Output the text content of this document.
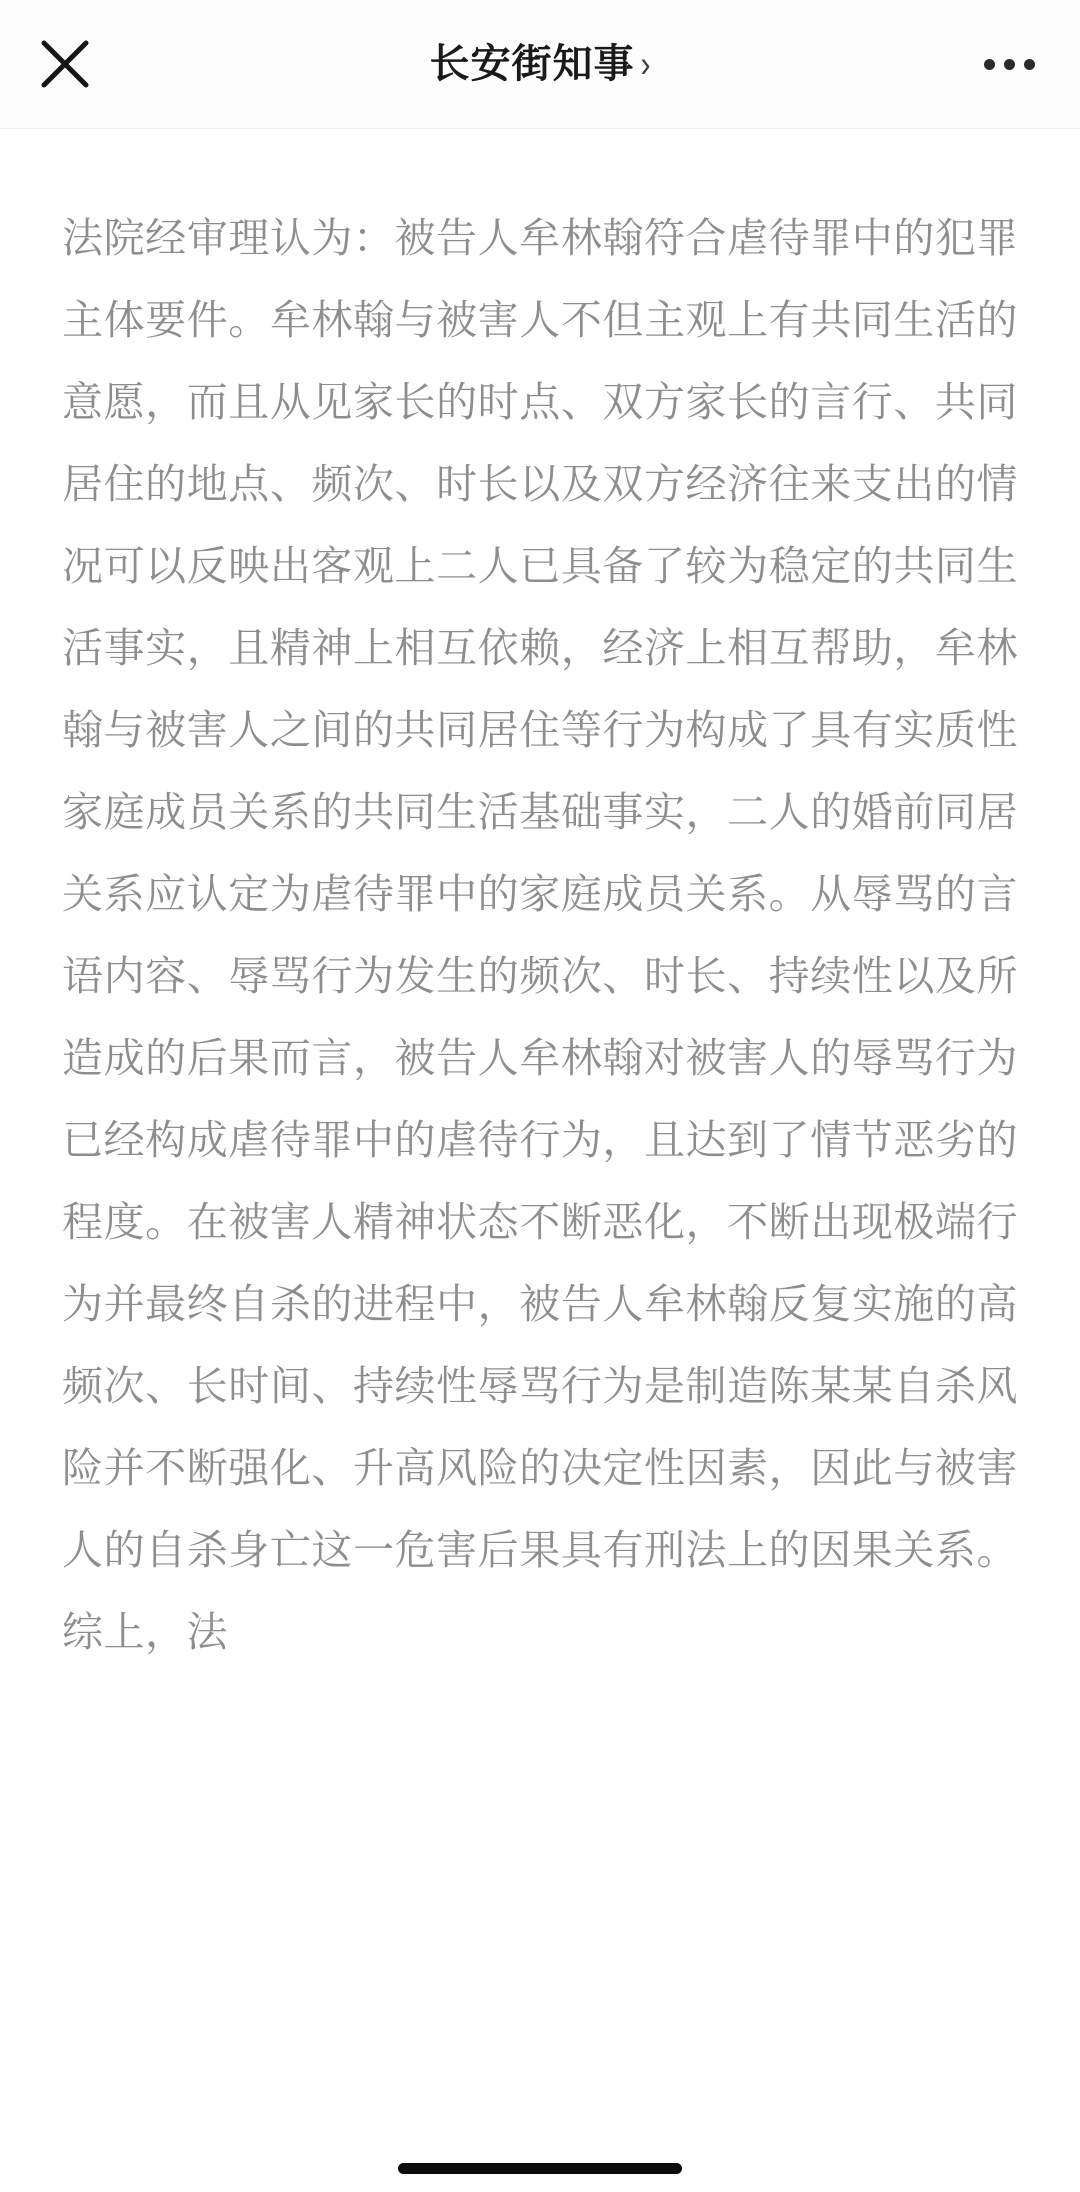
长安街知事 ›

法院经审理认为：被告人牟林翰符合虐待罪中的犯罪主体要件。牟林翰与被害人不但主观上有共同生活的意愿，而且从见家长的时点、双方家长的言行、共同居住的地点、频次、时长以及双方经济往来支出的情况可以反映出客观上二人已具备了较为稳定的共同生活事实，且精神上相互依赖，经济上相互帮助，牟林翰与被害人之间的共同居住等行为构成了具有实质性家庭成员关系的共同生活基础事实，二人的婚前同居关系应认定为虐待罪中的家庭成员关系。从辱骂的言语内容、辱骂行为发生的频次、时长、持续性以及所造成的后果而言，被告人牟林翰对被害人的辱骂行为已经构成虐待罪中的虐待行为，且达到了情节恶劣的程度。在被害人精神状态不断恶化，不断出现极端行为并最终自杀的进程中，被告人牟林翰反复实施的高频次、长时间、持续性辱骂行为是制造陈某某自杀风险并不断强化、升高风险的决定性因素，因此与被害人的自杀身亡这一危害后果具有刑法上的因果关系。综上，法
